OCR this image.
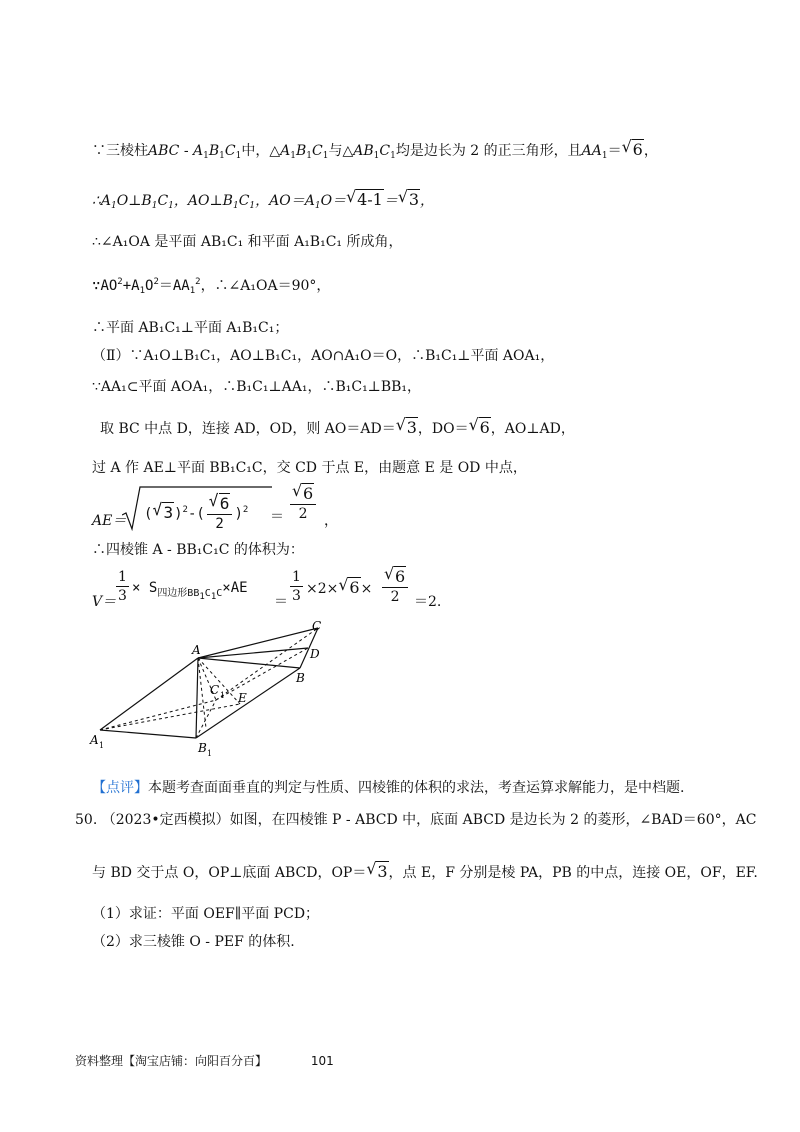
∵三棱柱ABC - $A_1B_1C_1$中，$\triangle A_1B_1C_1$与$\triangle AB_1C_1$均是边长为 2 的正三角形，且$AA_1=√$ 6，
$\therefore A_1O\perp B_1C_1$，$AO\perp B_1C_1$，$AO=A_1O=√$ 4-1＝√ 3，
∴∠A₁OA 是平面 AB₁C₁ 和平面 A₁B₁C₁ 所成角，
$\because AO^2+A_1O^2=AA_1^2$，∴∠A₁OA＝90°，
∴平面 AB₁C₁⊥平面 A₁B₁C₁；
（Ⅱ）∵A₁O⊥B₁C₁，AO⊥B₁C₁，AO∩A₁O＝O，∴B₁C₁⊥平面 AOA₁，
∵AA₁⊂平面 AOA₁，∴B₁C₁⊥AA₁，∴B₁C₁⊥BB₁，
取 BC 中点 D，连接 AD，OD，则 AO＝AD＝√ 3，DO＝√ 6，AO⊥AD，
过 A 作 AE⊥平面 BB₁C₁C，交 CD 于点 E，由题意 E 是 OD 中点，
AE＝ (√ 3)$^2$-(
√ $\frac{6}{2} )^2$ ＝
√ $\frac{6}{2}$ ，
∴四棱锥 A - BB₁C₁C 的体积为：
$V= \frac{1}{3} \times S_{四边形BB1C1C}\times AE$
＝ $\frac{1}{3} \times 2\times√$ 6×
√ $\frac{6}{2} =2$.
A
C
D
B
C 1 E
A 1	B 1
【点评】本题考查面面垂直的判定与性质、四棱锥的体积的求法，考查运算求解能力，是中档题.
50. （2023•定西模拟）如图，在四棱锥 P - ABCD 中，底面 ABCD 是边长为 2 的菱形，∠BAD＝60°，AC
与 BD 交于点 O，OP⊥底面 ABCD，OP＝√ 3，点 E，F 分别是棱 PA，PB 的中点，连接 OE，OF，EF.
（1）求证：平面 OEF∥平面 PCD；
（2）求三棱锥 O - PEF 的体积.
资料整理【淘宝店铺：向阳百分百】	101
